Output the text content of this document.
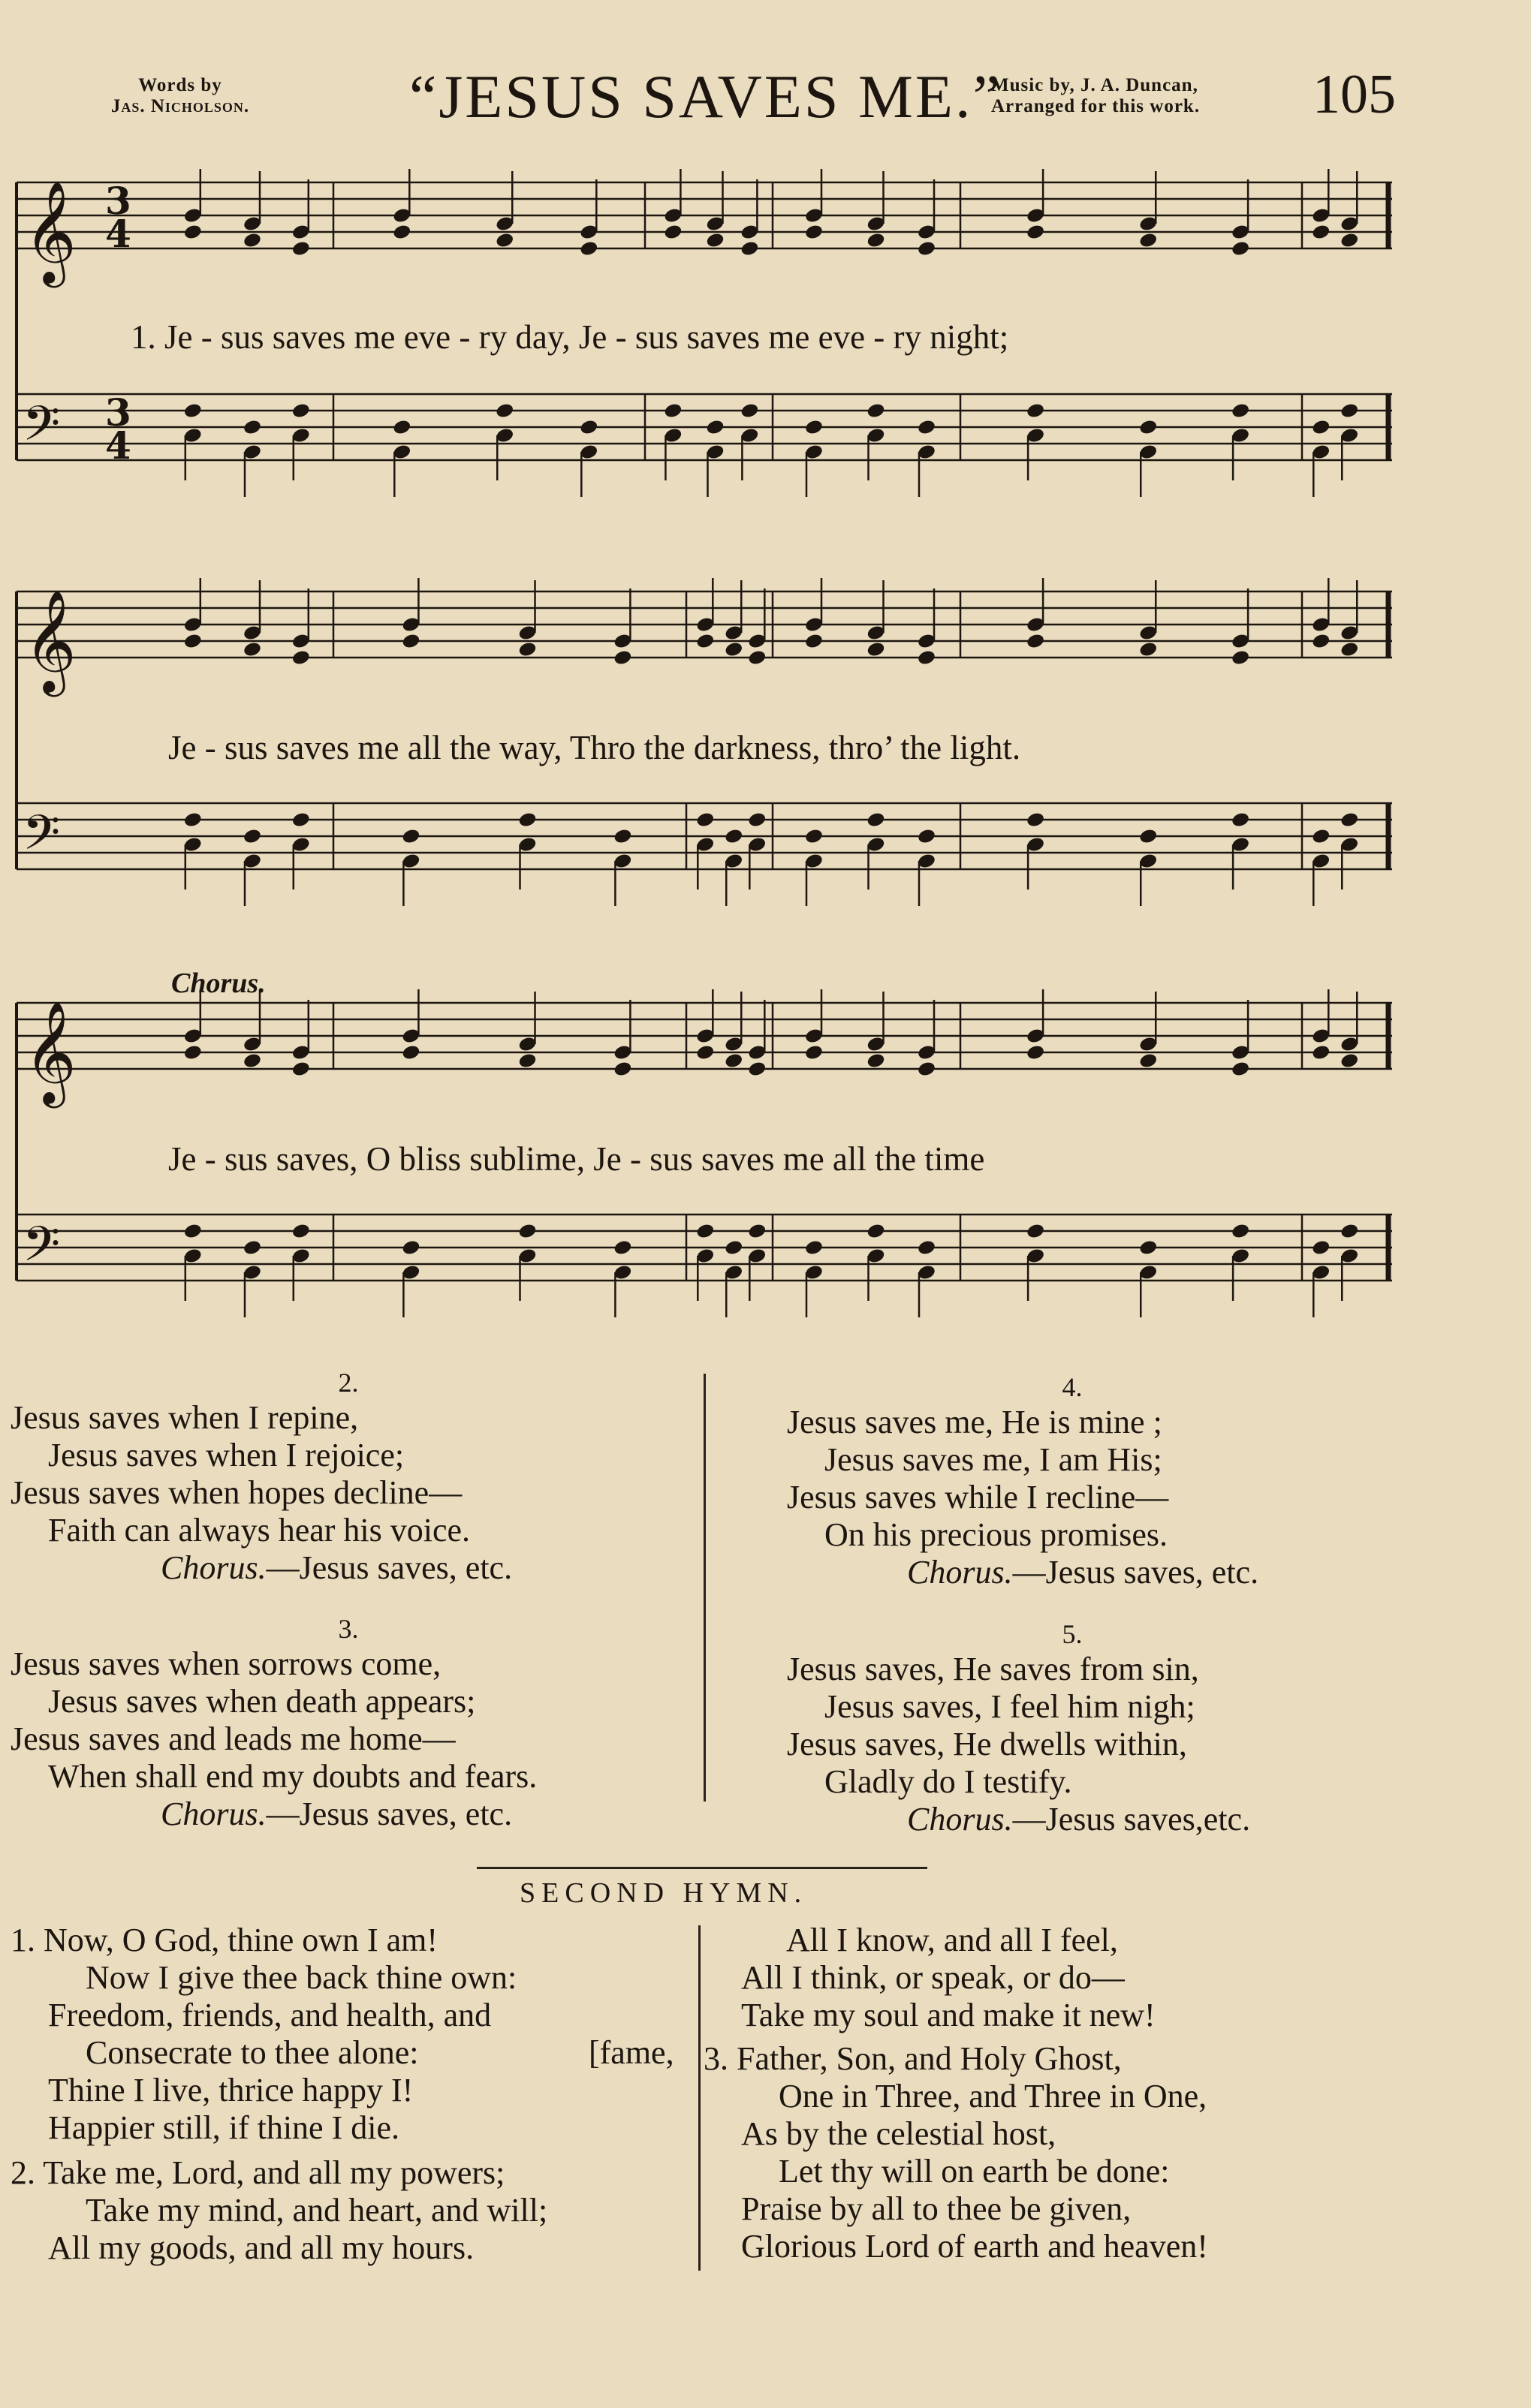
Words by
Jas. Nicholson.	“JESUS SAVES ME.”
Music by, J. A. Duncan,
Arranged for this work. 105
𝄞
𝄢
3
4
3
4
1. Je - sus saves me eve - ry day, Je - sus saves me eve - ry night;
𝄞
𝄢
Je - sus saves me all the way, Thro the darkness, thro’ the light.
Chorus.
𝄞
𝄢
Je - sus saves, O bliss sublime, Je - sus saves me all the time
2.
Jesus saves when I repine,
Jesus saves when I rejoice;
Jesus saves when hopes decline—
Faith can always hear his voice.
Chorus.—Jesus saves, etc.
3.
Jesus saves when sorrows come,
Jesus saves when death appears;
Jesus saves and leads me home—
When shall end my doubts and fears.
Chorus.—Jesus saves, etc.
4.
Jesus saves me, He is mine ;
Jesus saves me, I am His;
Jesus saves while I recline—
On his precious promises.
Chorus.—Jesus saves, etc.
5.
Jesus saves, He saves from sin,
Jesus saves, I feel him nigh;
Jesus saves, He dwells within,
Gladly do I testify.
Chorus.—Jesus saves,etc.
SECOND HYMN.
1. Now, O God, thine own I am!
Now I give thee back thine own:
Freedom, friends, and health, and
Consecrate to thee alone:	[fame,
Thine I live, thrice happy I!
Happier still, if thine I die.
2. Take me, Lord, and all my powers;
Take my mind, and heart, and will;
All my goods, and all my hours.
All I know, and all I feel,
All I think, or speak, or do—
Take my soul and make it new!
3. Father, Son, and Holy Ghost,
One in Three, and Three in One,
As by the celestial host,
Let thy will on earth be done:
Praise by all to thee be given,
Glorious Lord of earth and heaven!
